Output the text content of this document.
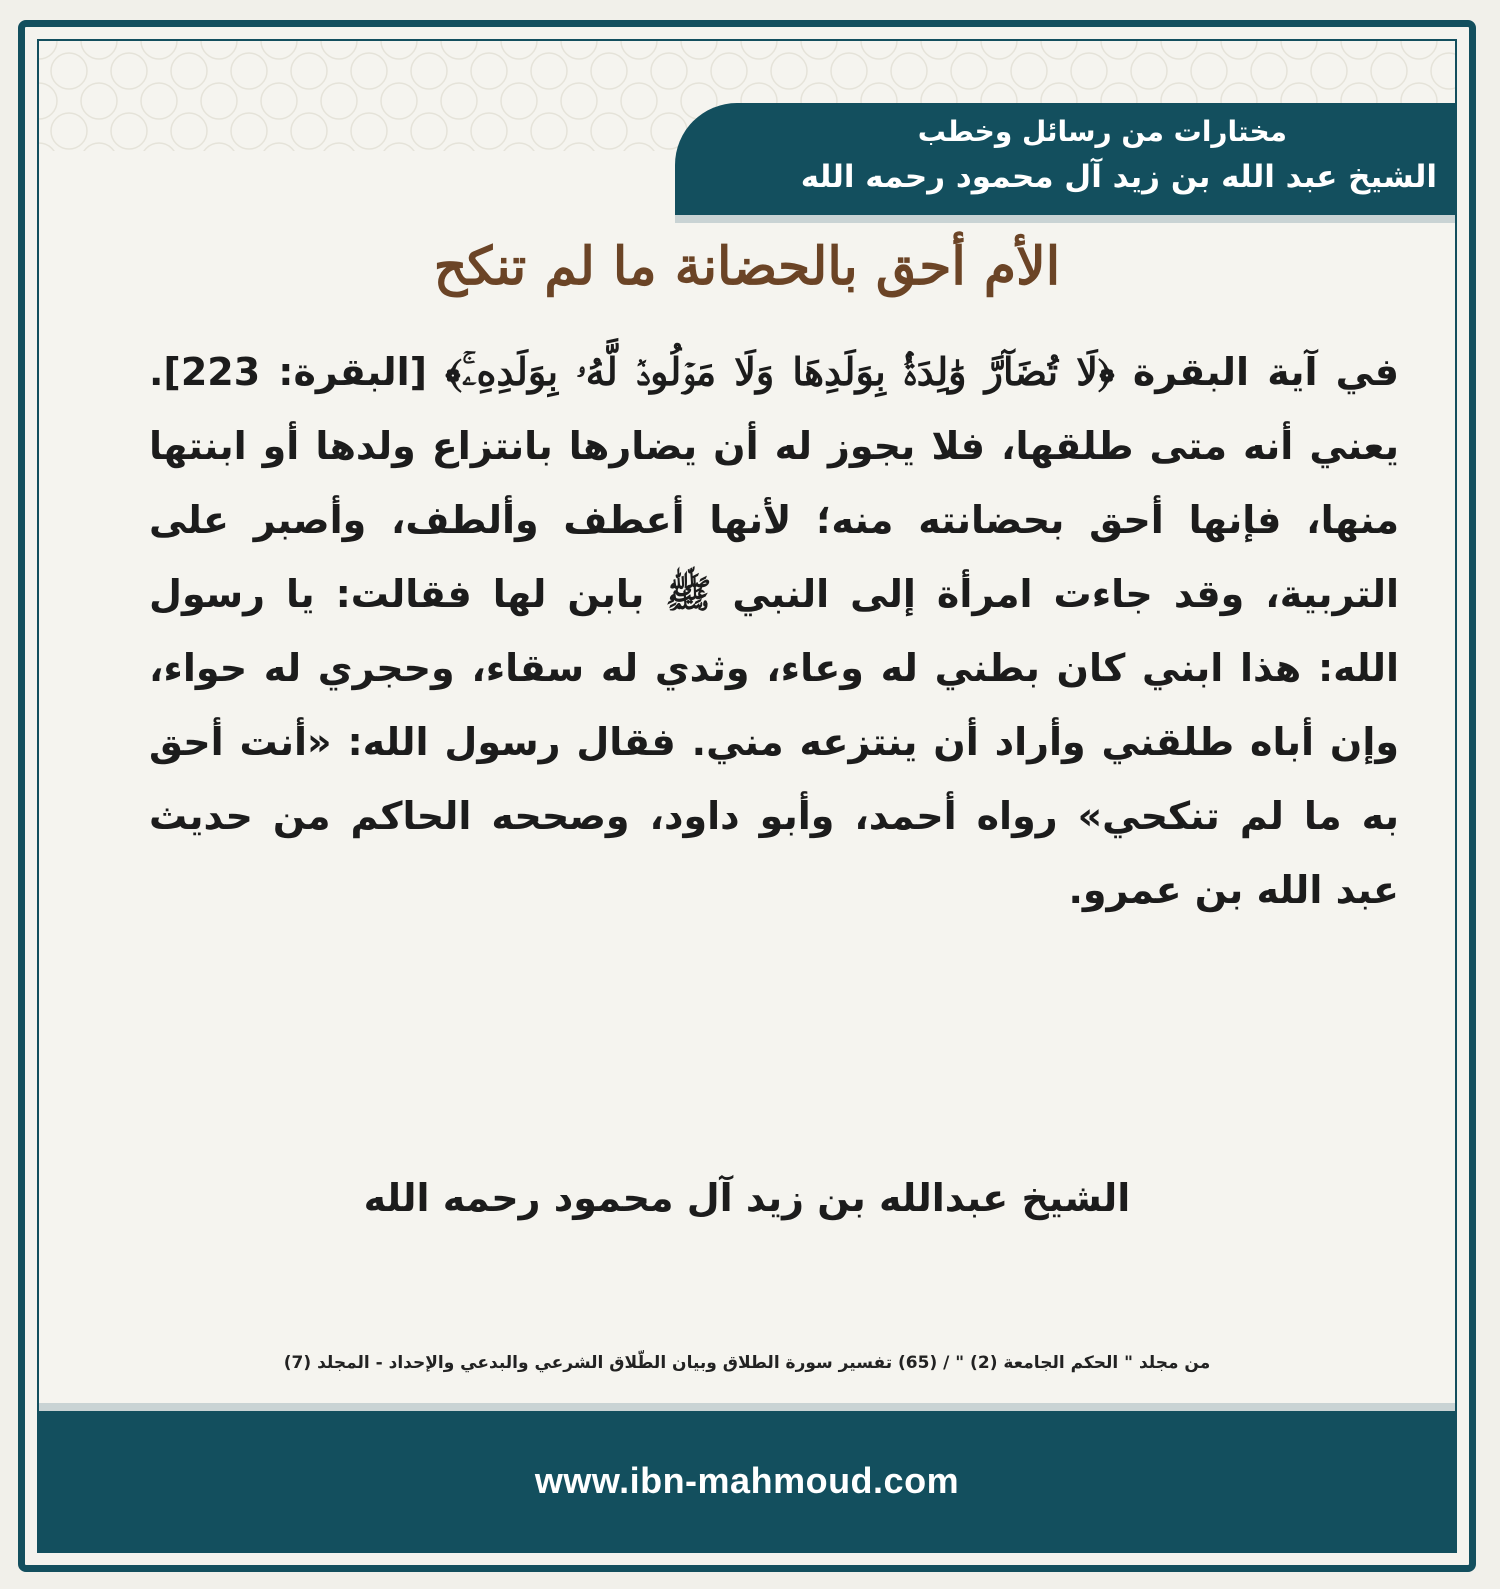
مختارات من رسائل وخطب
الشيخ عبد الله بن زيد آل محمود رحمه الله
الأم أحق بالحضانة ما لم تنكح
في آية البقرة ﴿لَا تُضَآرَّ وَٰلِدَةُۢ بِوَلَدِهَا وَلَا مَوۡلُودٞ لَّهُۥ بِوَلَدِهِۦۚ﴾ [البقرة: 223]. يعني أنه متى طلقها، فلا يجوز له أن يضارها بانتزاع ولدها أو ابنتها منها، فإنها أحق بحضانته منه؛ لأنها أعطف وألطف، وأصبر على التربية، وقد جاءت امرأة إلى النبي ﷺ بابن لها فقالت: يا رسول الله: هذا ابني كان بطني له وعاء، وثدي له سقاء، وحجري له حواء، وإن أباه طلقني وأراد أن ينتزعه مني. فقال رسول الله: «أنت أحق به ما لم تنكحي» رواه أحمد، وأبو داود، وصححه الحاكم من حديث عبد الله بن عمرو.
الشيخ عبدالله بن زيد آل محمود رحمه الله
من مجلد " الحكم الجامعة (2) " / (65) تفسير سورة الطلاق وبيان الطّلاق الشرعي والبدعي والإحداد - المجلد (7)
www.ibn-mahmoud.com
